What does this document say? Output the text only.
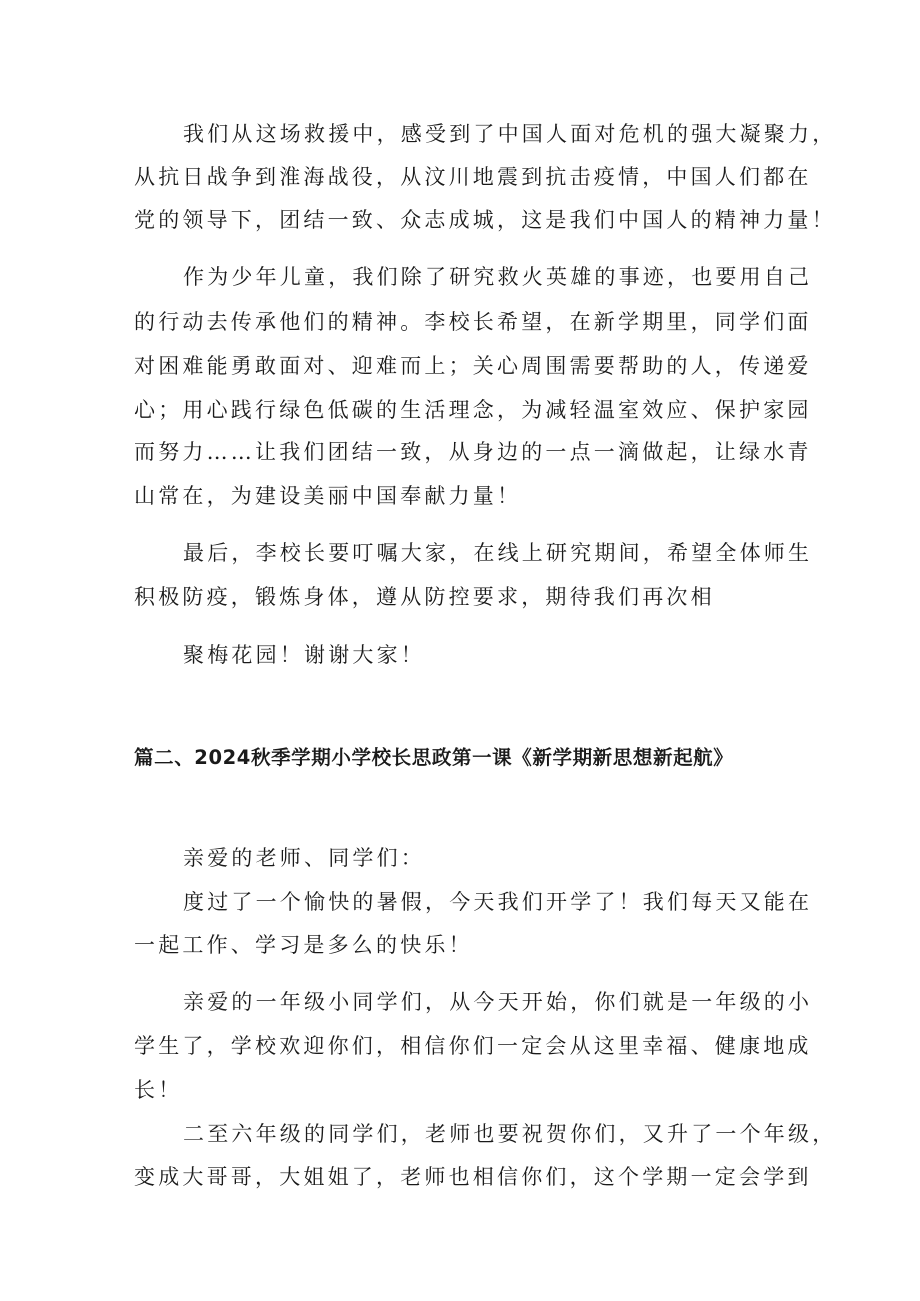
我们从这场救援中，感受到了中国人面对危机的强大凝聚力，
从抗日战争到淮海战役，从汶川地震到抗击疫情，中国人们都在
党的领导下，团结一致、众志成城，这是我们中国人的精神力量！
作为少年儿童，我们除了研究救火英雄的事迹，也要用自己
的行动去传承他们的精神。李校长希望，在新学期里，同学们面
对困难能勇敢面对、迎难而上；关心周围需要帮助的人，传递爱
心；用心践行绿色低碳的生活理念，为减轻温室效应、保护家园
而努力……让我们团结一致，从身边的一点一滴做起，让绿水青
山常在，为建设美丽中国奉献力量！
最后，李校长要叮嘱大家，在线上研究期间，希望全体师生
积极防疫，锻炼身体，遵从防控要求，期待我们再次相
聚梅花园！谢谢大家！
篇二、2024秋季学期小学校长思政第一课《新学期新思想新起航》
亲爱的老师、同学们：
度过了一个愉快的暑假，今天我们开学了！我们每天又能在
一起工作、学习是多么的快乐！
亲爱的一年级小同学们，从今天开始，你们就是一年级的小
学生了，学校欢迎你们，相信你们一定会从这里幸福、健康地成
长！
二至六年级的同学们，老师也要祝贺你们，又升了一个年级，
变成大哥哥，大姐姐了，老师也相信你们，这个学期一定会学到
